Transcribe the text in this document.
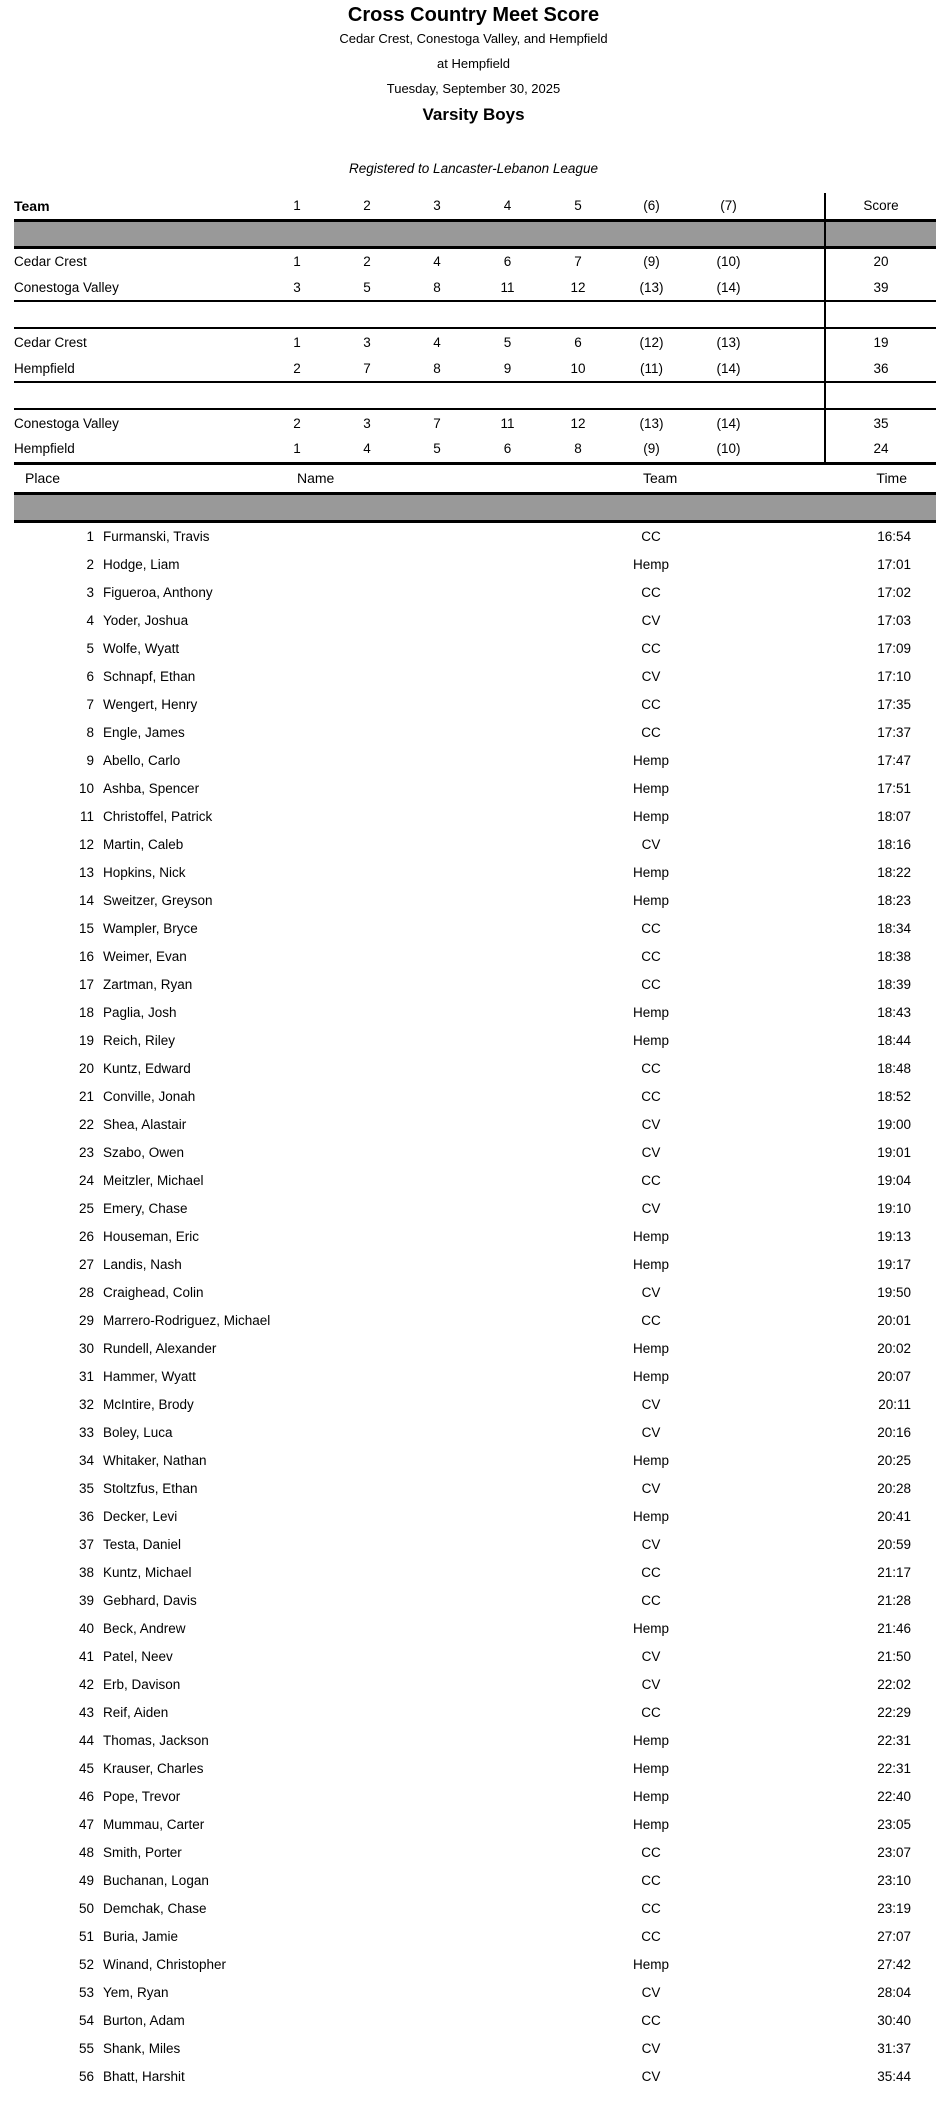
Cross Country Meet Score
Cedar Crest, Conestoga Valley, and Hempfield
at Hempfield
Tuesday, September 30, 2025
Varsity Boys
Registered to Lancaster-Lebanon League
Team	1	2	3	4	5	(6)	(7)		Score

Cedar Crest	1	2	4	6	7	(9)	(10)		20
Conestoga Valley	3	5	8	11	12	(13)	(14)		39

Cedar Crest	1	3	4	5	6	(12)	(13)		19
Hempfield	2	7	8	9	10	(11)	(14)		36

Conestoga Valley	2	3	7	11	12	(13)	(14)		35
Hempfield	1	4	5	6	8	(9)	(10)		24
Place	Name	Team	Time
1	Furmanski, Travis	CC	16:54	
2	Hodge, Liam	Hemp	17:01	
3	Figueroa, Anthony	CC	17:02	
4	Yoder, Joshua	CV	17:03	
5	Wolfe, Wyatt	CC	17:09	
6	Schnapf, Ethan	CV	17:10	
7	Wengert, Henry	CC	17:35	
8	Engle, James	CC	17:37	
9	Abello, Carlo	Hemp	17:47	
10	Ashba, Spencer	Hemp	17:51	
11	Christoffel, Patrick	Hemp	18:07	
12	Martin, Caleb	CV	18:16	
13	Hopkins, Nick	Hemp	18:22	
14	Sweitzer, Greyson	Hemp	18:23	
15	Wampler, Bryce	CC	18:34	
16	Weimer, Evan	CC	18:38	
17	Zartman, Ryan	CC	18:39	
18	Paglia, Josh	Hemp	18:43	
19	Reich, Riley	Hemp	18:44	
20	Kuntz, Edward	CC	18:48	
21	Conville, Jonah	CC	18:52	
22	Shea, Alastair	CV	19:00	
23	Szabo, Owen	CV	19:01	
24	Meitzler, Michael	CC	19:04	
25	Emery, Chase	CV	19:10	
26	Houseman, Eric	Hemp	19:13	
27	Landis, Nash	Hemp	19:17	
28	Craighead, Colin	CV	19:50	
29	Marrero-Rodriguez, Michael	CC	20:01	
30	Rundell, Alexander	Hemp	20:02	
31	Hammer, Wyatt	Hemp	20:07	
32	McIntire, Brody	CV	20:11	
33	Boley, Luca	CV	20:16	
34	Whitaker, Nathan	Hemp	20:25	
35	Stoltzfus, Ethan	CV	20:28	
36	Decker, Levi	Hemp	20:41	
37	Testa, Daniel	CV	20:59	
38	Kuntz, Michael	CC	21:17	
39	Gebhard, Davis	CC	21:28	
40	Beck, Andrew	Hemp	21:46	
41	Patel, Neev	CV	21:50	
42	Erb, Davison	CV	22:02	
43	Reif, Aiden	CC	22:29	
44	Thomas, Jackson	Hemp	22:31	
45	Krauser, Charles	Hemp	22:31	
46	Pope, Trevor	Hemp	22:40	
47	Mummau, Carter	Hemp	23:05	
48	Smith, Porter	CC	23:07	
49	Buchanan, Logan	CC	23:10	
50	Demchak, Chase	CC	23:19	
51	Buria, Jamie	CC	27:07	
52	Winand, Christopher	Hemp	27:42	
53	Yem, Ryan	CV	28:04	
54	Burton, Adam	CC	30:40	
55	Shank, Miles	CV	31:37	
56	Bhatt, Harshit	CV	35:44	
